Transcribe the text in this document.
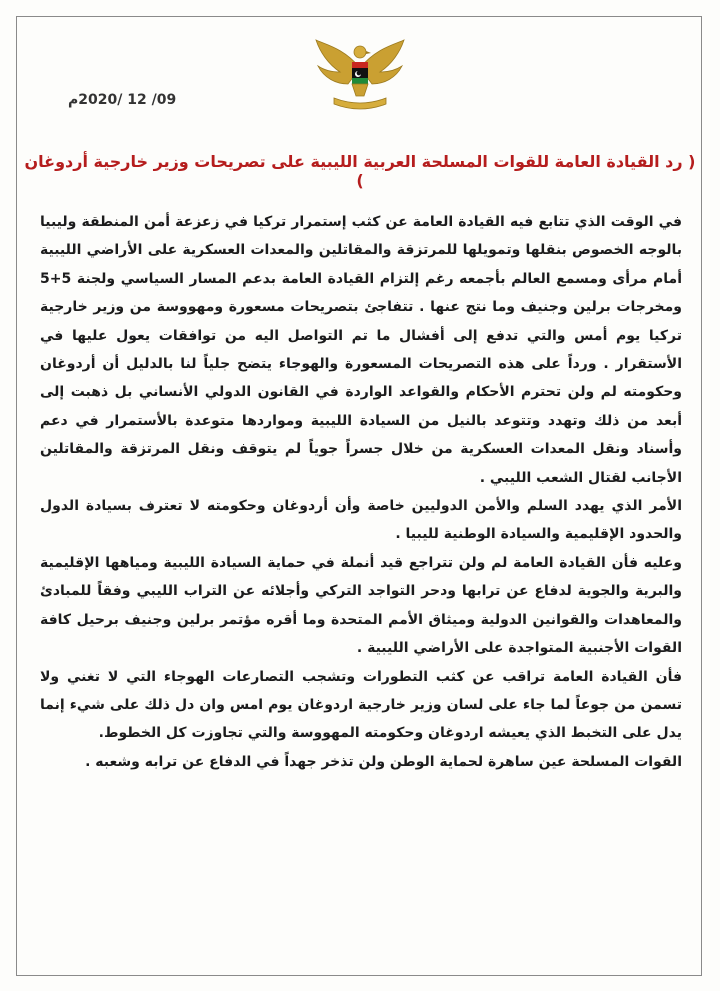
09/ 12 /2020م
( رد القيادة العامة للقوات المسلحة العربية الليبية على تصريحات وزير خارجية أردوغان )

في الوقت الذي تتابع فيه القيادة العامة عن كثب إستمرار تركيا في زعزعة أمن المنطقة وليبيا بالوجه الخصوص بنقلها وتمويلها للمرتزقة والمقاتلين والمعدات العسكرية على الأراضي الليبية أمام مرأى ومسمع العالم بأجمعه رغم إلتزام القيادة العامة بدعم المسار السياسي ولجنة 5+5 ومخرجات برلين وجنيف وما نتج عنها . تتفاجئ بتصريحات مسعورة ومهووسة من وزير خارجية تركيا يوم أمس والتي تدفع إلى أفشال ما تم التواصل اليه من توافقات يعول عليها في الأستقرار . ورداً على هذه التصريحات المسعورة والهوجاء يتضح جلياً لنا بالدليل أن أردوغان وحكومته لم ولن تحترم الأحكام والقواعد الواردة في القانون الدولي الأنساني بل ذهبت إلى أبعد من ذلك وتهدد وتتوعد بالنيل من السيادة الليبية ومواردها متوعدة بالأستمرار في دعم وأسناد ونقل المعدات العسكرية من خلال جسراً جوياً لم يتوقف ونقل المرتزقة والمقاتلين الأجانب لقتال الشعب الليبي .

الأمر الذي يهدد السلم والأمن الدوليين خاصة وأن أردوغان وحكومته لا تعترف بسيادة الدول والحدود الإقليمية والسيادة الوطنية لليبيا .

وعليه فأن القيادة العامة لم ولن تتراجع قيد أنملة في حماية السيادة الليبية ومياهها الإقليمية والبرية والجوية لدفاع عن ترابها ودحر التواجد التركي وأجلائه عن التراب الليبي وفقاً للمبادئ والمعاهدات والقوانين الدولية وميثاق الأمم المتحدة وما أقره مؤتمر برلين وجنيف برحيل كافة القوات الأجنبية المتواجدة على الأراضي الليبية .

فأن القيادة العامة تراقب عن كثب التطورات وتشجب التصارعات الهوجاء التي لا تغني ولا تسمن من جوعاً لما جاء على لسان وزير خارجية اردوغان يوم امس وان دل ذلك على شيء إنما يدل على التخبط الذي يعيشه اردوغان وحكومته المهووسة والتي تجاوزت كل الخطوط.

القوات المسلحة عين ساهرة لحماية الوطن ولن تذخر جهداً في الدفاع عن ترابه وشعبه .
